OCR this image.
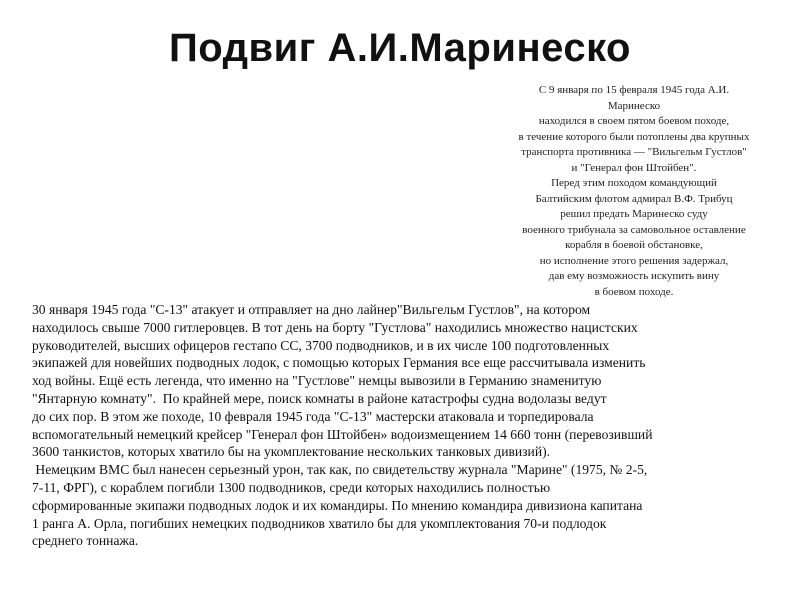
Подвиг А.И.Маринеско
С 9 января по 15 февраля 1945 года А.И.
Маринеско
находился в своем пятом боевом походе,
в течение которого были потоплены два крупных
транспорта противника — "Вильгельм Густлов"
и "Генерал фон Штойбен".
Перед этим походом командующий
Балтийским флотом адмирал В.Ф. Трибуц
решил предать Маринеско суду
военного трибунала за самовольное оставление
корабля в боевой обстановке,
но исполнение этого решения задержал,
дав ему возможность искупить вину
в боевом походе.
30 января 1945 года "С-13" атакует и отправляет на дно лайнер"Вильгельм Густлов", на котором
находилось свыше 7000 гитлеровцев. В тот день на борту "Густлова" находились множество нацистских
руководителей, высших офицеров гестапо СС, 3700 подводников, и в их числе 100 подготовленных
экипажей для новейших подводных лодок, с помощью которых Германия все еще рассчитывала изменить
ход войны. Ещё есть легенда, что именно на "Густлове" немцы вывозили в Германию знаменитую
"Янтарную комнату".  По крайней мере, поиск комнаты в районе катастрофы судна водолазы ведут
до сих пор. В этом же походе, 10 февраля 1945 года "С-13" мастерски атаковала и торпедировала
вспомогательный немецкий крейсер "Генерал фон Штойбен» водоизмещением 14 660 тонн (перевозивший
3600 танкистов, которых хватило бы на укомплектование нескольких танковых дивизий).
Немецким ВМС был нанесен серьезный урон, так как, по свидетельству журнала "Марине" (1975, № 2-5,
7-11, ФРГ), с кораблем погибли 1300 подводников, среди которых находились полностью
сформированные экипажи подводных лодок и их командиры. По мнению командира дивизиона капитана
1 ранга А. Орла, погибших немецких подводников хватило бы для укомплектования 70-и подлодок
среднего тоннажа.
